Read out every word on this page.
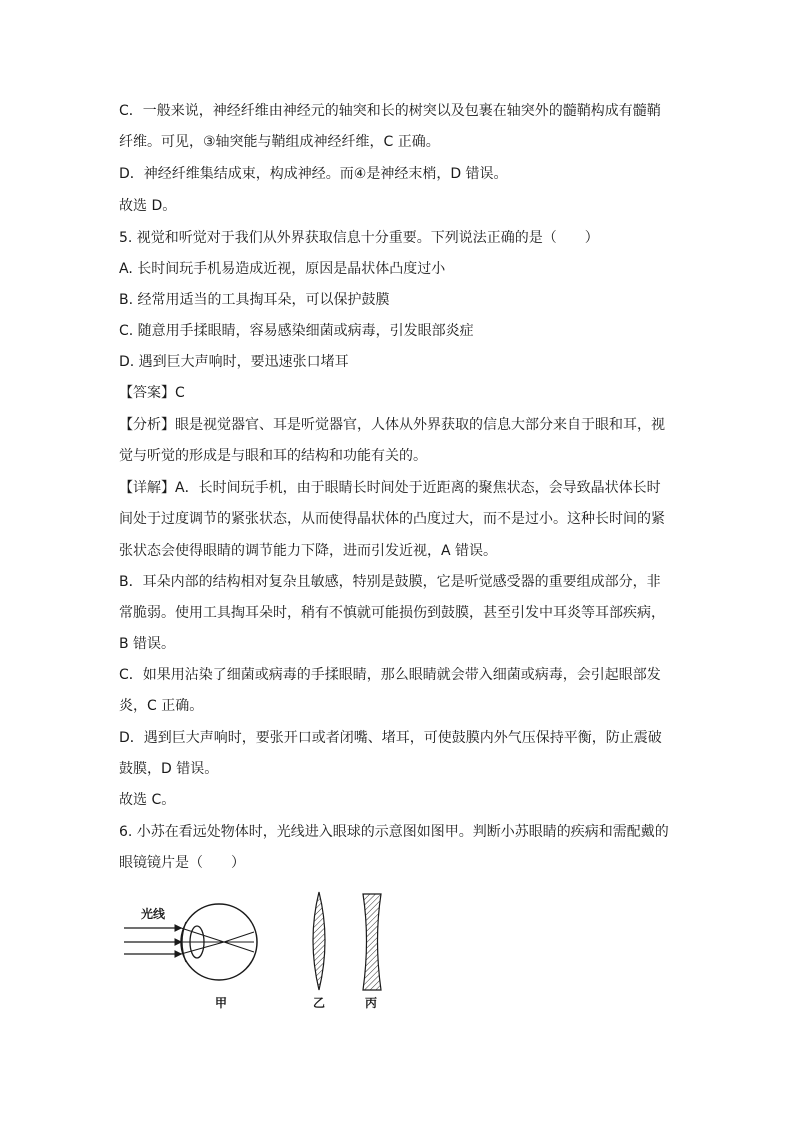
C．一般来说，神经纤维由神经元的轴突和长的树突以及包裹在轴突外的髓鞘构成有髓鞘
纤维。可见，③轴突能与鞘组成神经纤维，C 正确。
D．神经纤维集结成束，构成神经。而④是神经末梢，D 错误。
故选 D。
5. 视觉和听觉对于我们从外界获取信息十分重要。下列说法正确的是（　　）
A. 长时间玩手机易造成近视，原因是晶状体凸度过小
B. 经常用适当的工具掏耳朵，可以保护鼓膜
C. 随意用手揉眼睛，容易感染细菌或病毒，引发眼部炎症
D. 遇到巨大声响时，要迅速张口堵耳
【答案】C
【分析】眼是视觉器官、耳是听觉器官，人体从外界获取的信息大部分来自于眼和耳，视
觉与听觉的形成是与眼和耳的结构和功能有关的。
【详解】A．长时间玩手机，由于眼睛长时间处于近距离的聚焦状态，会导致晶状体长时
间处于过度调节的紧张状态，从而使得晶状体的凸度过大，而不是过小。这种长时间的紧
张状态会使得眼睛的调节能力下降，进而引发近视，A 错误。
B．耳朵内部的结构相对复杂且敏感，特别是鼓膜，它是听觉感受器的重要组成部分，非
常脆弱。使用工具掏耳朵时，稍有不慎就可能损伤到鼓膜，甚至引发中耳炎等耳部疾病，
B 错误。
C．如果用沾染了细菌或病毒的手揉眼睛，那么眼睛就会带入细菌或病毒，会引起眼部发
炎，C 正确。
D．遇到巨大声响时，要张开口或者闭嘴、堵耳，可使鼓膜内外气压保持平衡，防止震破
鼓膜，D 错误。
故选 C。
6. 小苏在看远处物体时，光线进入眼球的示意图如图甲。判断小苏眼睛的疾病和需配戴的
眼镜镜片是（　　）
光线
甲	乙	丙
